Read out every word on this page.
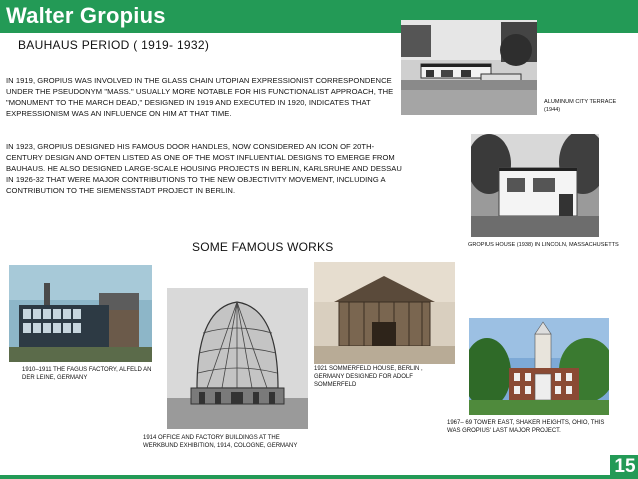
Walter Gropius
BAUHAUS PERIOD ( 1919- 1932)
IN 1919, GROPIUS WAS INVOLVED IN THE GLASS CHAIN UTOPIAN EXPRESSIONIST CORRESPONDENCE UNDER THE PSEUDONYM "MASS." USUALLY MORE NOTABLE FOR HIS FUNCTIONALIST APPROACH, THE "MONUMENT TO THE MARCH DEAD," DESIGNED IN 1919 AND EXECUTED IN 1920, INDICATES THAT EXPRESSIONISM WAS AN INFLUENCE ON HIM AT THAT TIME.
IN 1923, GROPIUS DESIGNED HIS FAMOUS DOOR HANDLES, NOW CONSIDERED AN ICON OF 20TH-CENTURY DESIGN AND OFTEN LISTED AS ONE OF THE MOST INFLUENTIAL DESIGNS TO EMERGE FROM BAUHAUS. HE ALSO DESIGNED LARGE-SCALE HOUSING PROJECTS IN BERLIN, KARLSRUHE AND DESSAU IN 1926-32 THAT WERE MAJOR CONTRIBUTIONS TO THE NEW OBJECTIVITY MOVEMENT, INCLUDING A CONTRIBUTION TO THE SIEMENSSTADT PROJECT IN BERLIN.
ALUMINUM CITY TERRACE (1944)
GROPIUS HOUSE (1938) IN LINCOLN, MASSACHUSETTS
SOME FAMOUS WORKS
1910–1911 THE FAGUS FACTORY, ALFELD AN DER LEINE, GERMANY
1914 OFFICE AND FACTORY BUILDINGS AT THE WERKBUND EXHIBITION, 1914, COLOGNE, GERMANY
1921 SOMMERFELD HOUSE, BERLIN , GERMANY DESIGNED FOR ADOLF SOMMERFELD
1967– 69 TOWER EAST, SHAKER HEIGHTS, OHIO, THIS WAS GROPIUS' LAST MAJOR PROJECT.
15
